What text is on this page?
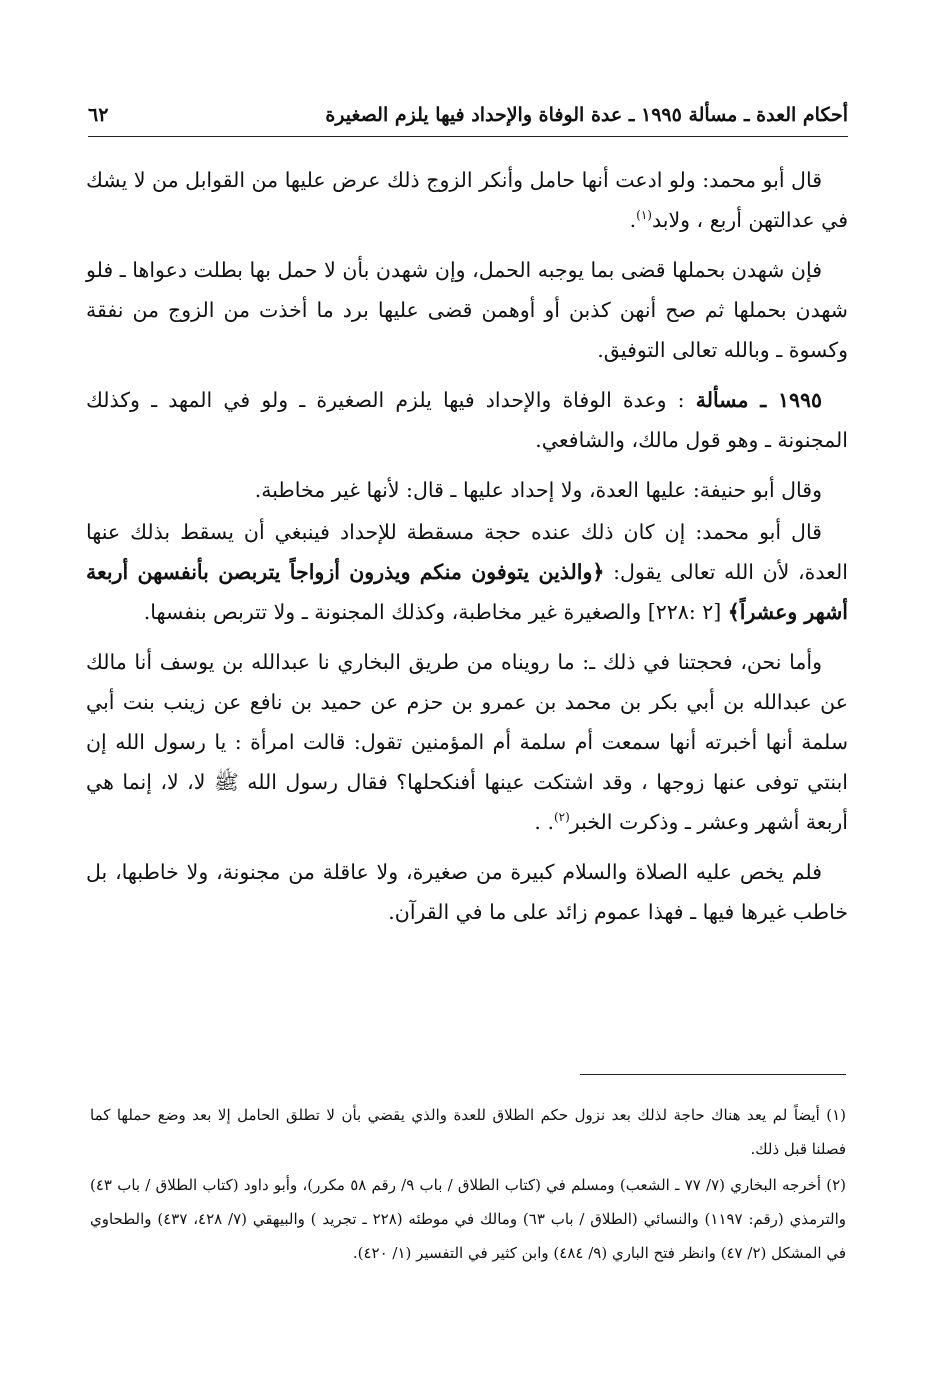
أحكام العدة ـ مسألة ١٩٩٥ ـ عدة الوفاة والإحداد فيها يلزم الصغيرة
٦٢

قال أبو محمد: ولو ادعت أنها حامل وأنكر الزوج ذلك عرض عليها من القوابل من لا يشك في عدالتهن أربع ، ولابد$^{(١)}$.

فإن شهدن بحملها قضى بما يوجبه الحمل، وإن شهدن بأن لا حمل بها بطلت دعواها ـ فلو شهدن بحملها ثم صح أنهن كذبن أو أوهمن قضى عليها برد ما أخذت من الزوج من نفقة وكسوة ـ وبالله تعالى التوفيق.

١٩٩٥ ـ مسألة : وعدة الوفاة والإحداد فيها يلزم الصغيرة ـ ولو في المهد ـ وكذلك المجنونة ـ وهو قول مالك، والشافعي.

وقال أبو حنيفة: عليها العدة، ولا إحداد عليها ـ قال: لأنها غير مخاطبة.

قال أبو محمد: إن كان ذلك عنده حجة مسقطة للإحداد فينبغي أن يسقط بذلك عنها العدة، لأن الله تعالى يقول: ﴿والذين يتوفون منكم ويذرون أزواجاً يتربصن بأنفسهن أربعة أشهر وعشراً﴾ [٢ :٢٢٨] والصغيرة غير مخاطبة، وكذلك المجنونة ـ ولا تتربص بنفسها.

وأما نحن، فحجتنا في ذلك ـ: ما رويناه من طريق البخاري نا عبدالله بن يوسف أنا مالك عن عبدالله بن أبي بكر بن محمد بن عمرو بن حزم عن حميد بن نافع عن زينب بنت أبي سلمة أنها أخبرته أنها سمعت أم سلمة أم المؤمنين تقول: قالت امرأة : يا رسول الله إن ابنتي توفى عنها زوجها ، وقد اشتكت عينها أفنكحلها؟ فقال رسول الله ﷺ لا، لا، إنما هي أربعة أشهر وعشر ـ وذكرت الخبر$^{(٢)}$. .

فلم يخص عليه الصلاة والسلام كبيرة من صغيرة، ولا عاقلة من مجنونة، ولا خاطبها، بل خاطب غيرها فيها ـ فهذا عموم زائد على ما في القرآن.

(١) أيضاً لم يعد هناك حاجة لذلك بعد نزول حكم الطلاق للعدة والذي يقضي بأن لا تطلق الحامل إلا بعد وضع حملها كما فصلنا قبل ذلك.

(٢) أخرجه البخاري (٧/ ٧٧ ـ الشعب) ومسلم في (كتاب الطلاق / باب ٩/ رقم ٥٨ مكرر)، وأبو داود (كتاب الطلاق / باب ٤٣) والترمذي (رقم: ١١٩٧) والنسائي (الطلاق / باب ٦٣) ومالك في موطئه (٢٢٨ ـ تجريد ) والبيهقي (٧/ ٤٢٨، ٤٣٧) والطحاوي في المشكل (٢/ ٤٧) وانظر فتح الباري (٩/ ٤٨٤) وابن كثير في التفسير (١/ ٤٢٠).
